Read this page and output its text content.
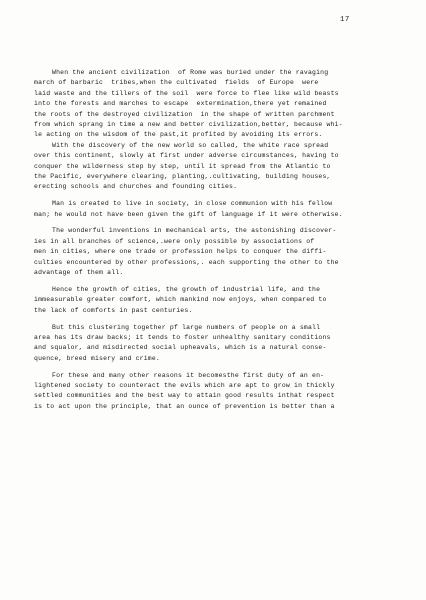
17
When the ancient civilization  of Rome was buried under the ravaging
march of barbaric  tribes,when the cultivated  fields  of Europe  were
laid waste and the tillers of the soil  were force to flee like wild beasts
into the forests and marches to escape  extermination,there yet remained
the roots of the destroyed civilization  in the shape of written parchment
from which sprang in time a new and better civilization,better, because whi-
le acting on the wisdom of the past,it profited by avoiding its errors.
With the discovery of the new world so called, the white race spread
over this continent, slowly at first under adverse circumstances, having to
conquer the wilderness step by step, until it spread from the Atlantic to
the Pacific, everywhere clearing, planting,.cultivating, building houses,
erecting schools and churches and founding cities.
Man is created to live in society, in close communion with his fellow
man; he would not have been given the gift of language if it were otherwise.
The wonderful inventions in mechanical arts, the astonishing discover-
ies in all branches of science,.were only possible by associations of
men in cities, where one trade or profession helps to conquer the diffi-
culties encountered by other professions,. each supporting the other to the
advantage of them all.
Hence the growth of cities, the growth of industrial life, and the
immeasurable greater comfort, which mankind now enjoys, when compared to
the lack of comforts in past centuries.
But this clustering together pf large numbers of people on a small
area has its draw backs; it tends to foster unhealthy sanitary conditions
and squalor, and misdirected social upheavals, which is a natural conse-
quence, breed misery and crime.
For these and many other reasons it becomesthe first duty of an en-
lightened society to counteract the evils which are apt to grow in thickly
settled communities and the best way to attain good results inthat respect
is to act upon the principle, that an ounce of prevention is better than a
